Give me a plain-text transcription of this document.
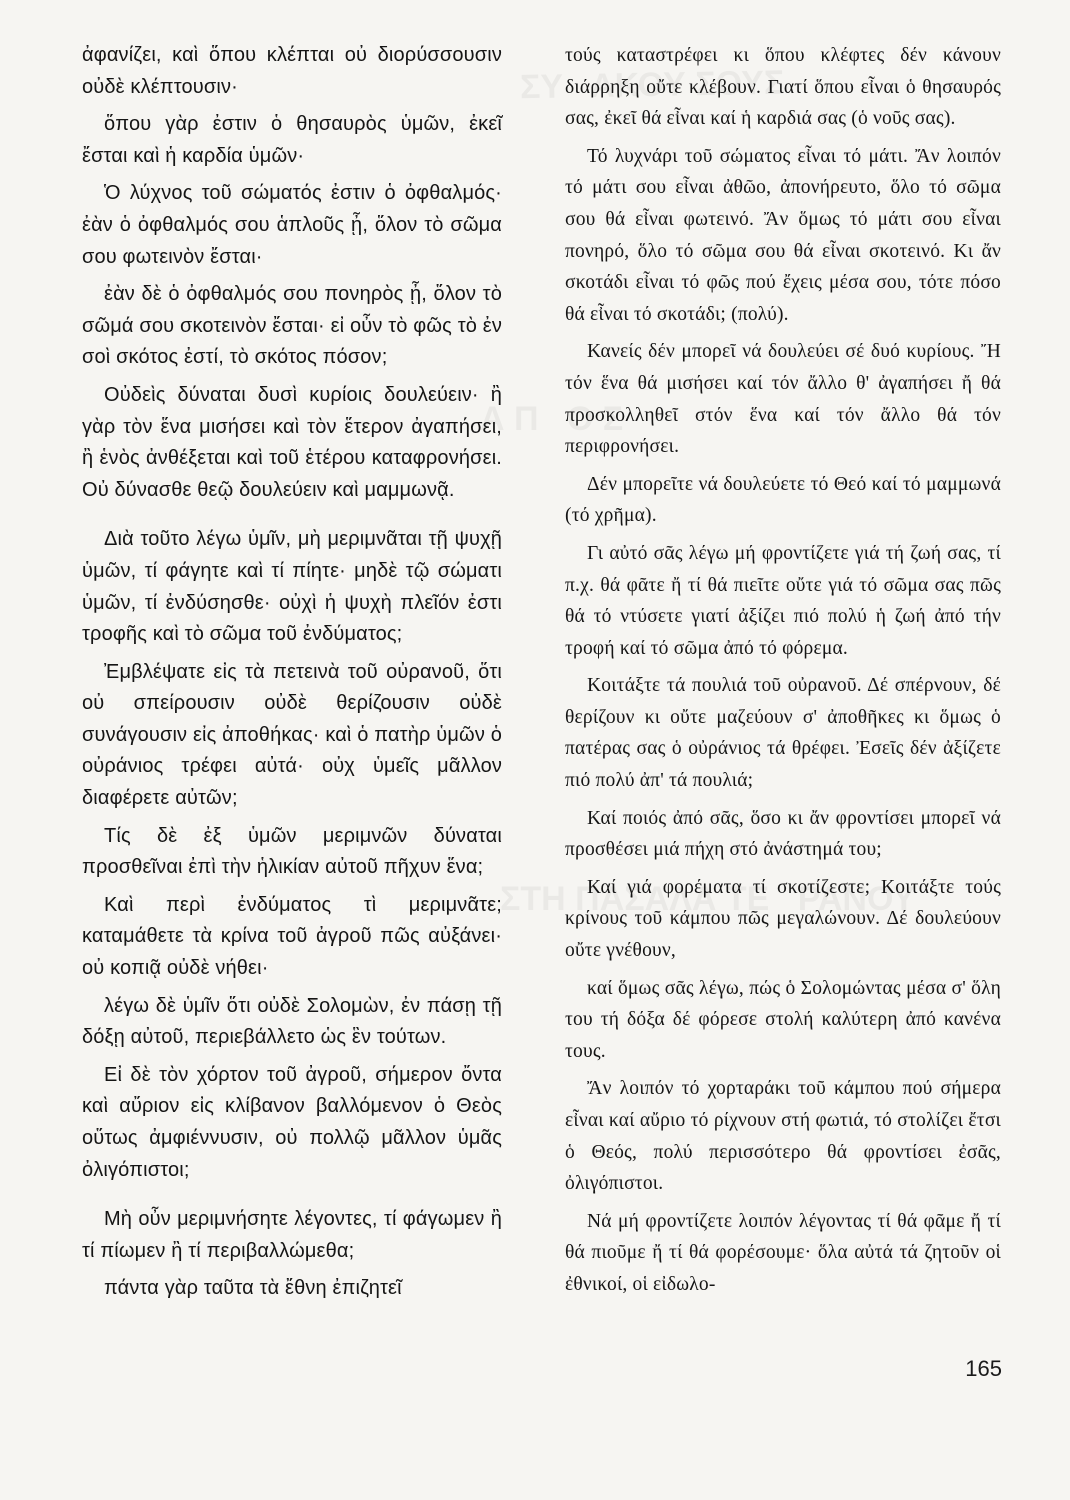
ἀφανίζει, καὶ ὅπου κλέπται οὐ διορύσσουσιν οὐδὲ κλέπτουσιν·

ὅπου γὰρ ἐστιν ὁ θησαυρὸς ὑμῶν, ἐκεῖ ἔσται καὶ ἡ καρδία ὑμῶν·

Ὁ λύχνος τοῦ σώματός ἐστιν ὁ ὀφθαλμός· ἐὰν ὁ ὀφθαλμός σου ἁπλοῦς ᾖ, ὅλον τὸ σῶμα σου φωτεινὸν ἔσται·

ἐὰν δὲ ὁ ὀφθαλμός σου πονηρὸς ᾖ, ὅλον τὸ σῶμά σου σκοτεινὸν ἔσται· εἰ οὖν τὸ φῶς τὸ ἐν σοὶ σκότος ἐστί, τὸ σκότος πόσον;

Οὐδεὶς δύναται δυσὶ κυρίοις δουλεύειν· ἢ γὰρ τὸν ἕνα μισήσει καὶ τὸν ἕτερον ἀγαπήσει, ἢ ἑνὸς ἀνθέξεται καὶ τοῦ ἑτέρου καταφρονήσει. Οὐ δύνασθε θεῷ δουλεύειν καὶ μαμμωνᾷ.

Διὰ τοῦτο λέγω ὑμῖν, μὴ μεριμνᾶται τῇ ψυχῇ ὑμῶν, τί φάγητε καὶ τί πίητε· μηδὲ τῷ σώματι ὑμῶν, τί ἐνδύσησθε· οὐχὶ ἡ ψυχὴ πλεῖόν ἐστι τροφῆς καὶ τὸ σῶμα τοῦ ἐνδύματος;

Ἐμβλέψατε εἰς τὰ πετεινὰ τοῦ οὐρανοῦ, ὅτι οὐ σπείρουσιν οὐδὲ θερίζουσιν οὐδὲ συνάγουσιν εἰς ἀποθήκας· καὶ ὁ πατὴρ ὑμῶν ὁ οὐράνιος τρέφει αὐτά· οὐχ ὑμεῖς μᾶλλον διαφέρετε αὐτῶν;

Τίς δὲ ἐξ ὑμῶν μεριμνῶν δύναται προσθεῖναι ἐπὶ τὴν ἡλικίαν αὐτοῦ πῆχυν ἕνα;

Καὶ περὶ ἐνδύματος τὶ μεριμνᾶτε; καταμάθετε τὰ κρίνα τοῦ ἀγροῦ πῶς αὐξάνει· οὐ κοπιᾷ οὐδὲ νήθει·

λέγω δὲ ὑμῖν ὅτι οὐδὲ Σολομὼν, ἐν πάσῃ τῇ δόξῃ αὐτοῦ, περιεβάλλετο ὡς ἓν τούτων.

Εἰ δὲ τὸν χόρτον τοῦ ἀγροῦ, σήμερον ὄντα καὶ αὔριον εἰς κλίβανον βαλλόμενον ὁ Θεὸς οὕτως ἀμφιέννυσιν, οὐ πολλῷ μᾶλλον ὑμᾶς ὀλιγόπιστοι;

Μὴ οὖν μεριμνήσητε λέγοντες, τί φάγωμεν ἢ τί πίωμεν ἢ τί περιβαλλώμεθα;

πάντα γὰρ ταῦτα τὰ ἔθνη ἐπιζητεῖ

τούς καταστρέφει κι ὅπου κλέφτες δέν κάνουν διάρρηξη οὔτε κλέβουν. Γιατί ὅπου εἶναι ὁ θησαυρός σας, ἐκεῖ θά εἶναι καί ἡ καρδιά σας (ὁ νοῦς σας).

Τό λυχνάρι τοῦ σώματος εἶναι τό μάτι. Ἄν λοιπόν τό μάτι σου εἶναι ἀθῶο, ἀπονήρευτο, ὅλο τό σῶμα σου θά εἶναι φωτεινό. Ἄν ὅμως τό μάτι σου εἶναι πονηρό, ὅλο τό σῶμα σου θά εἶναι σκοτεινό. Κι ἄν σκοτάδι εἶναι τό φῶς πού ἔχεις μέσα σου, τότε πόσο θά εἶναι τό σκοτάδι; (πολύ).

Κανείς δέν μπορεῖ νά δουλεύει σέ δυό κυρίους. Ἤ τόν ἕνα θά μισήσει καί τόν ἄλλο θ' ἀγαπήσει ἤ θά προσκολληθεῖ στόν ἕνα καί τόν ἄλλο θά τόν περιφρονήσει.

Δέν μπορεῖτε νά δουλεύετε τό Θεό καί τό μαμμωνά (τό χρῆμα).

Γι αὐτό σᾶς λέγω μή φροντίζετε γιά τή ζωή σας, τί π.χ. θά φᾶτε ἤ τί θά πιεῖτε οὔτε γιά τό σῶμα σας πῶς θά τό ντύσετε γιατί ἀξίζει πιό πολύ ἡ ζωή ἀπό τήν τροφή καί τό σῶμα ἀπό τό φόρεμα.

Κοιτάξτε τά πουλιά τοῦ οὐρανοῦ. Δέ σπέρνουν, δέ θερίζουν κι οὔτε μαζεύουν σ' ἀποθῆκες κι ὅμως ὁ πατέρας σας ὁ οὐράνιος τά θρέφει. Ἐσεῖς δέν ἀξίζετε πιό πολύ ἀπ' τά πουλιά;

Καί ποιός ἀπό σᾶς, ὅσο κι ἄν φροντίσει μπορεῖ νά προσθέσει μιά πήχη στό ἀνάστημά του;

Καί γιά φορέματα τί σκοτίζεστε; Κοιτάξτε τούς κρίνους τοῦ κάμπου πῶς μεγαλώνουν. Δέ δουλεύουν οὔτε γνέθουν,

καί ὅμως σᾶς λέγω, πώς ὁ Σολομώντας μέσα σ' ὅλη του τή δόξα δέ φόρεσε στολή καλύτερη ἀπό κανένα τους.

Ἄν λοιπόν τό χορταράκι τοῦ κάμπου πού σήμερα εἶναι καί αὔριο τό ρίχνουν στή φωτιά, τό στολίζει ἔτσι ὁ Θεός, πολύ περισσότερο θά φροντίσει ἐσᾶς, ὀλιγόπιστοι.

Νά μή φροντίζετε λοιπόν λέγοντας τί θά φᾶμε ἤ τί θά πιοῦμε ἤ τί θά φορέσουμε· ὅλα αὐτά τά ζητοῦν οἱ ἐθνικοί, οἱ εἰδωλο-

165
